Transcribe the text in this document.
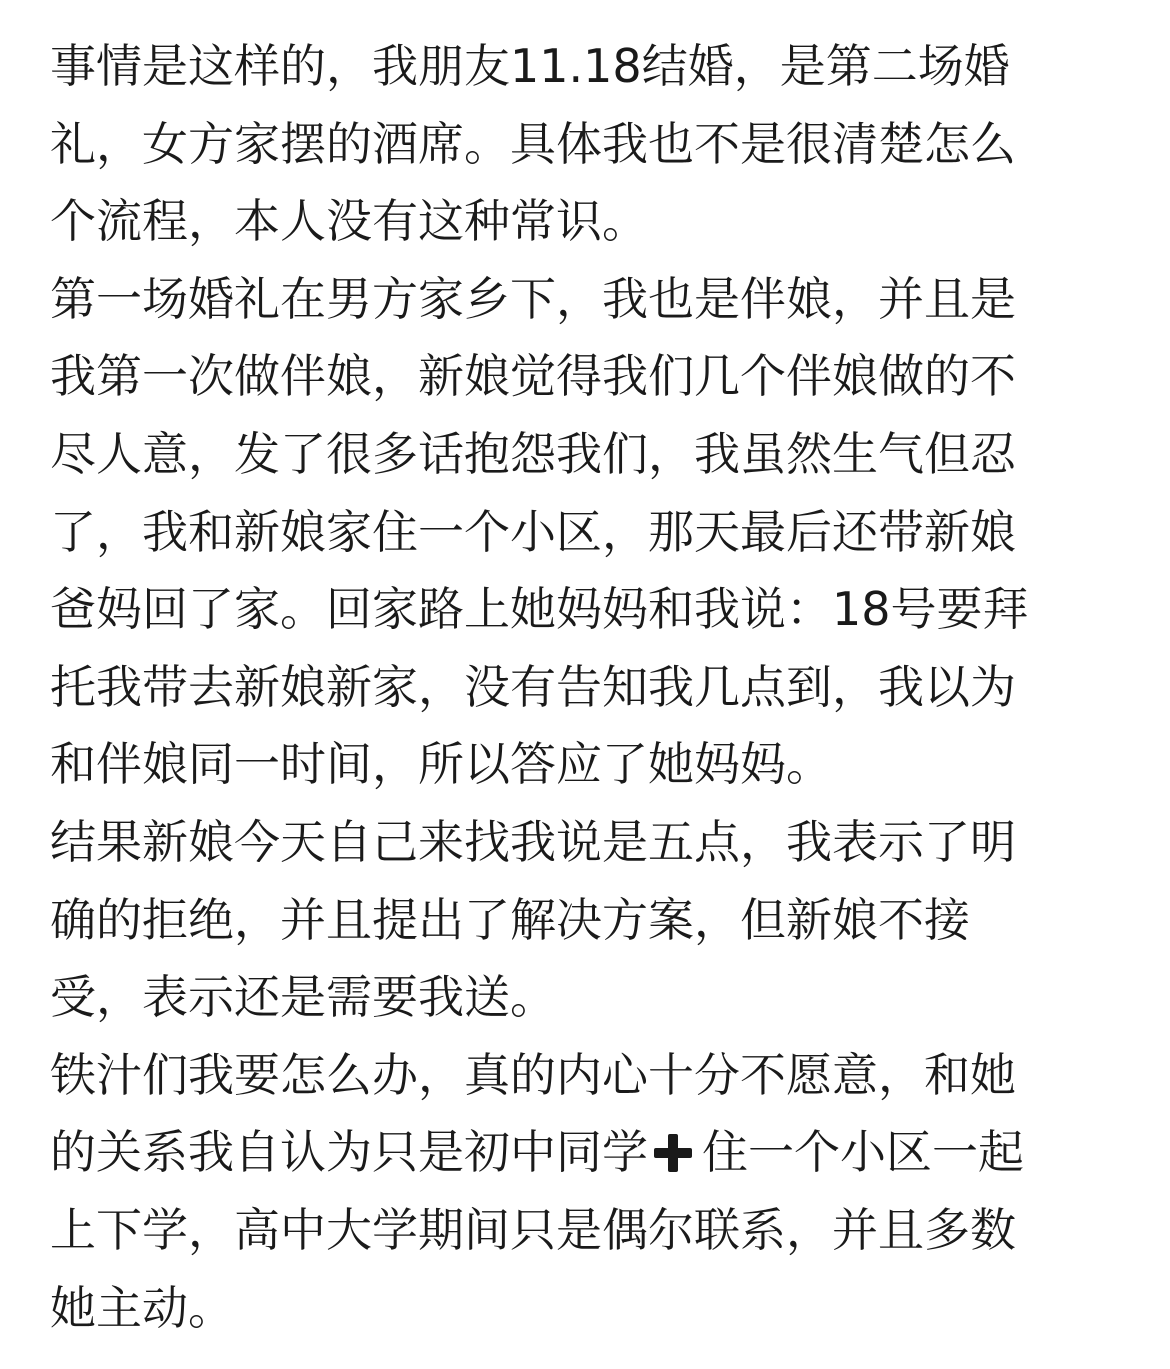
事情是这样的，我朋友11.18结婚，是第二场婚
礼，女方家摆的酒席。具体我也不是很清楚怎么
个流程，本人没有这种常识。
第一场婚礼在男方家乡下，我也是伴娘，并且是
我第一次做伴娘，新娘觉得我们几个伴娘做的不
尽人意，发了很多话抱怨我们，我虽然生气但忍
了，我和新娘家住一个小区，那天最后还带新娘
爸妈回了家。回家路上她妈妈和我说：18号要拜
托我带去新娘新家，没有告知我几点到，我以为
和伴娘同一时间，所以答应了她妈妈。
结果新娘今天自己来找我说是五点，我表示了明
确的拒绝，并且提出了解决方案，但新娘不接
受，表示还是需要我送。
铁汁们我要怎么办，真的内心十分不愿意，和她
的关系我自认为只是初中同学 住一个小区一起
上下学，高中大学期间只是偶尔联系，并且多数
她主动。
